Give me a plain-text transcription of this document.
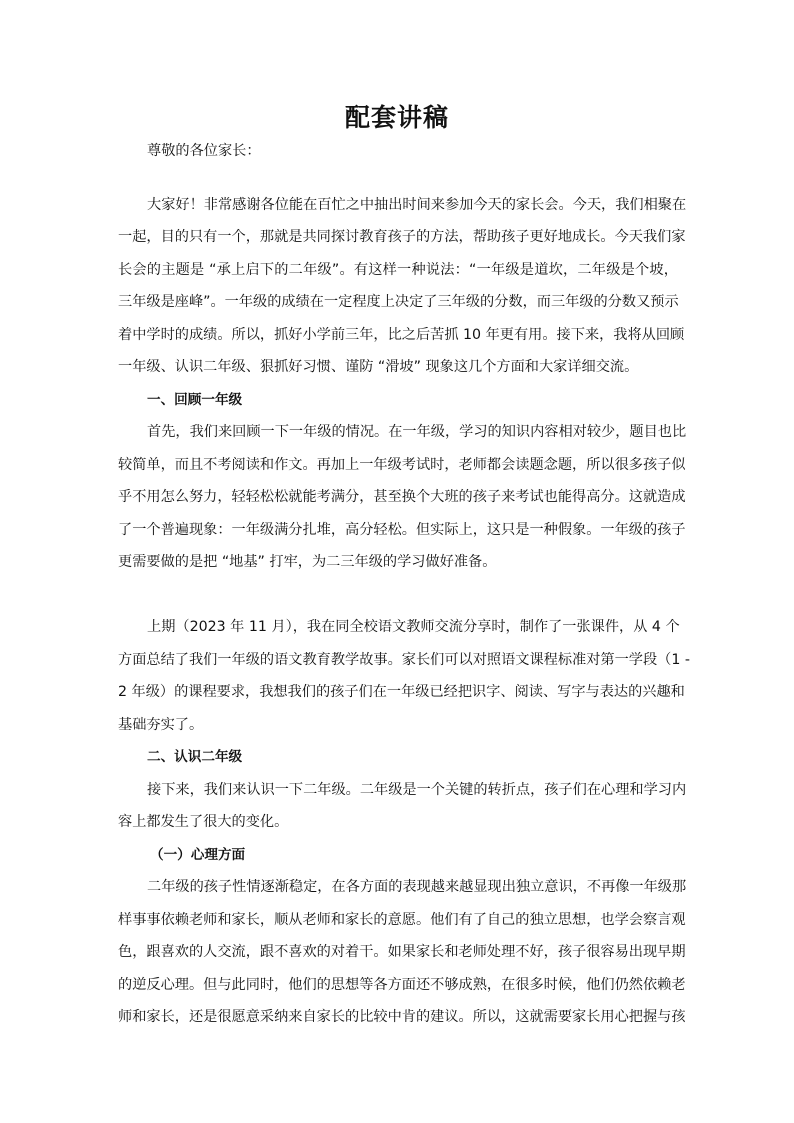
配套讲稿
尊敬的各位家长：
大家好！非常感谢各位能在百忙之中抽出时间来参加今天的家长会。今天，我们相聚在
一起，目的只有一个，那就是共同探讨教育孩子的方法，帮助孩子更好地成长。今天我们家
长会的主题是 “承上启下的二年级”。有这样一种说法：“一年级是道坎，二年级是个坡，
三年级是座峰”。一年级的成绩在一定程度上决定了三年级的分数，而三年级的分数又预示
着中学时的成绩。所以，抓好小学前三年，比之后苦抓 10 年更有用。接下来，我将从回顾
一年级、认识二年级、狠抓好习惯、谨防 “滑坡” 现象这几个方面和大家详细交流。
一、回顾一年级
首先，我们来回顾一下一年级的情况。在一年级，学习的知识内容相对较少，题目也比
较简单，而且不考阅读和作文。再加上一年级考试时，老师都会读题念题，所以很多孩子似
乎不用怎么努力，轻轻松松就能考满分，甚至换个大班的孩子来考试也能得高分。这就造成
了一个普遍现象：一年级满分扎堆，高分轻松。但实际上，这只是一种假象。一年级的孩子
更需要做的是把 “地基” 打牢，为二三年级的学习做好准备。
上期（2023 年 11 月），我在同全校语文教师交流分享时，制作了一张课件，从 4 个
方面总结了我们一年级的语文教育教学故事。家长们可以对照语文课程标准对第一学段（1 -
2 年级）的课程要求，我想我们的孩子们在一年级已经把识字、阅读、写字与表达的兴趣和
基础夯实了。
二、认识二年级
接下来，我们来认识一下二年级。二年级是一个关键的转折点，孩子们在心理和学习内
容上都发生了很大的变化。
（一）心理方面
二年级的孩子性情逐渐稳定，在各方面的表现越来越显现出独立意识，不再像一年级那
样事事依赖老师和家长，顺从老师和家长的意愿。他们有了自己的独立思想，也学会察言观
色，跟喜欢的人交流，跟不喜欢的对着干。如果家长和老师处理不好，孩子很容易出现早期
的逆反心理。但与此同时，他们的思想等各方面还不够成熟，在很多时候，他们仍然依赖老
师和家长，还是很愿意采纳来自家长的比较中肯的建议。所以，这就需要家长用心把握与孩
